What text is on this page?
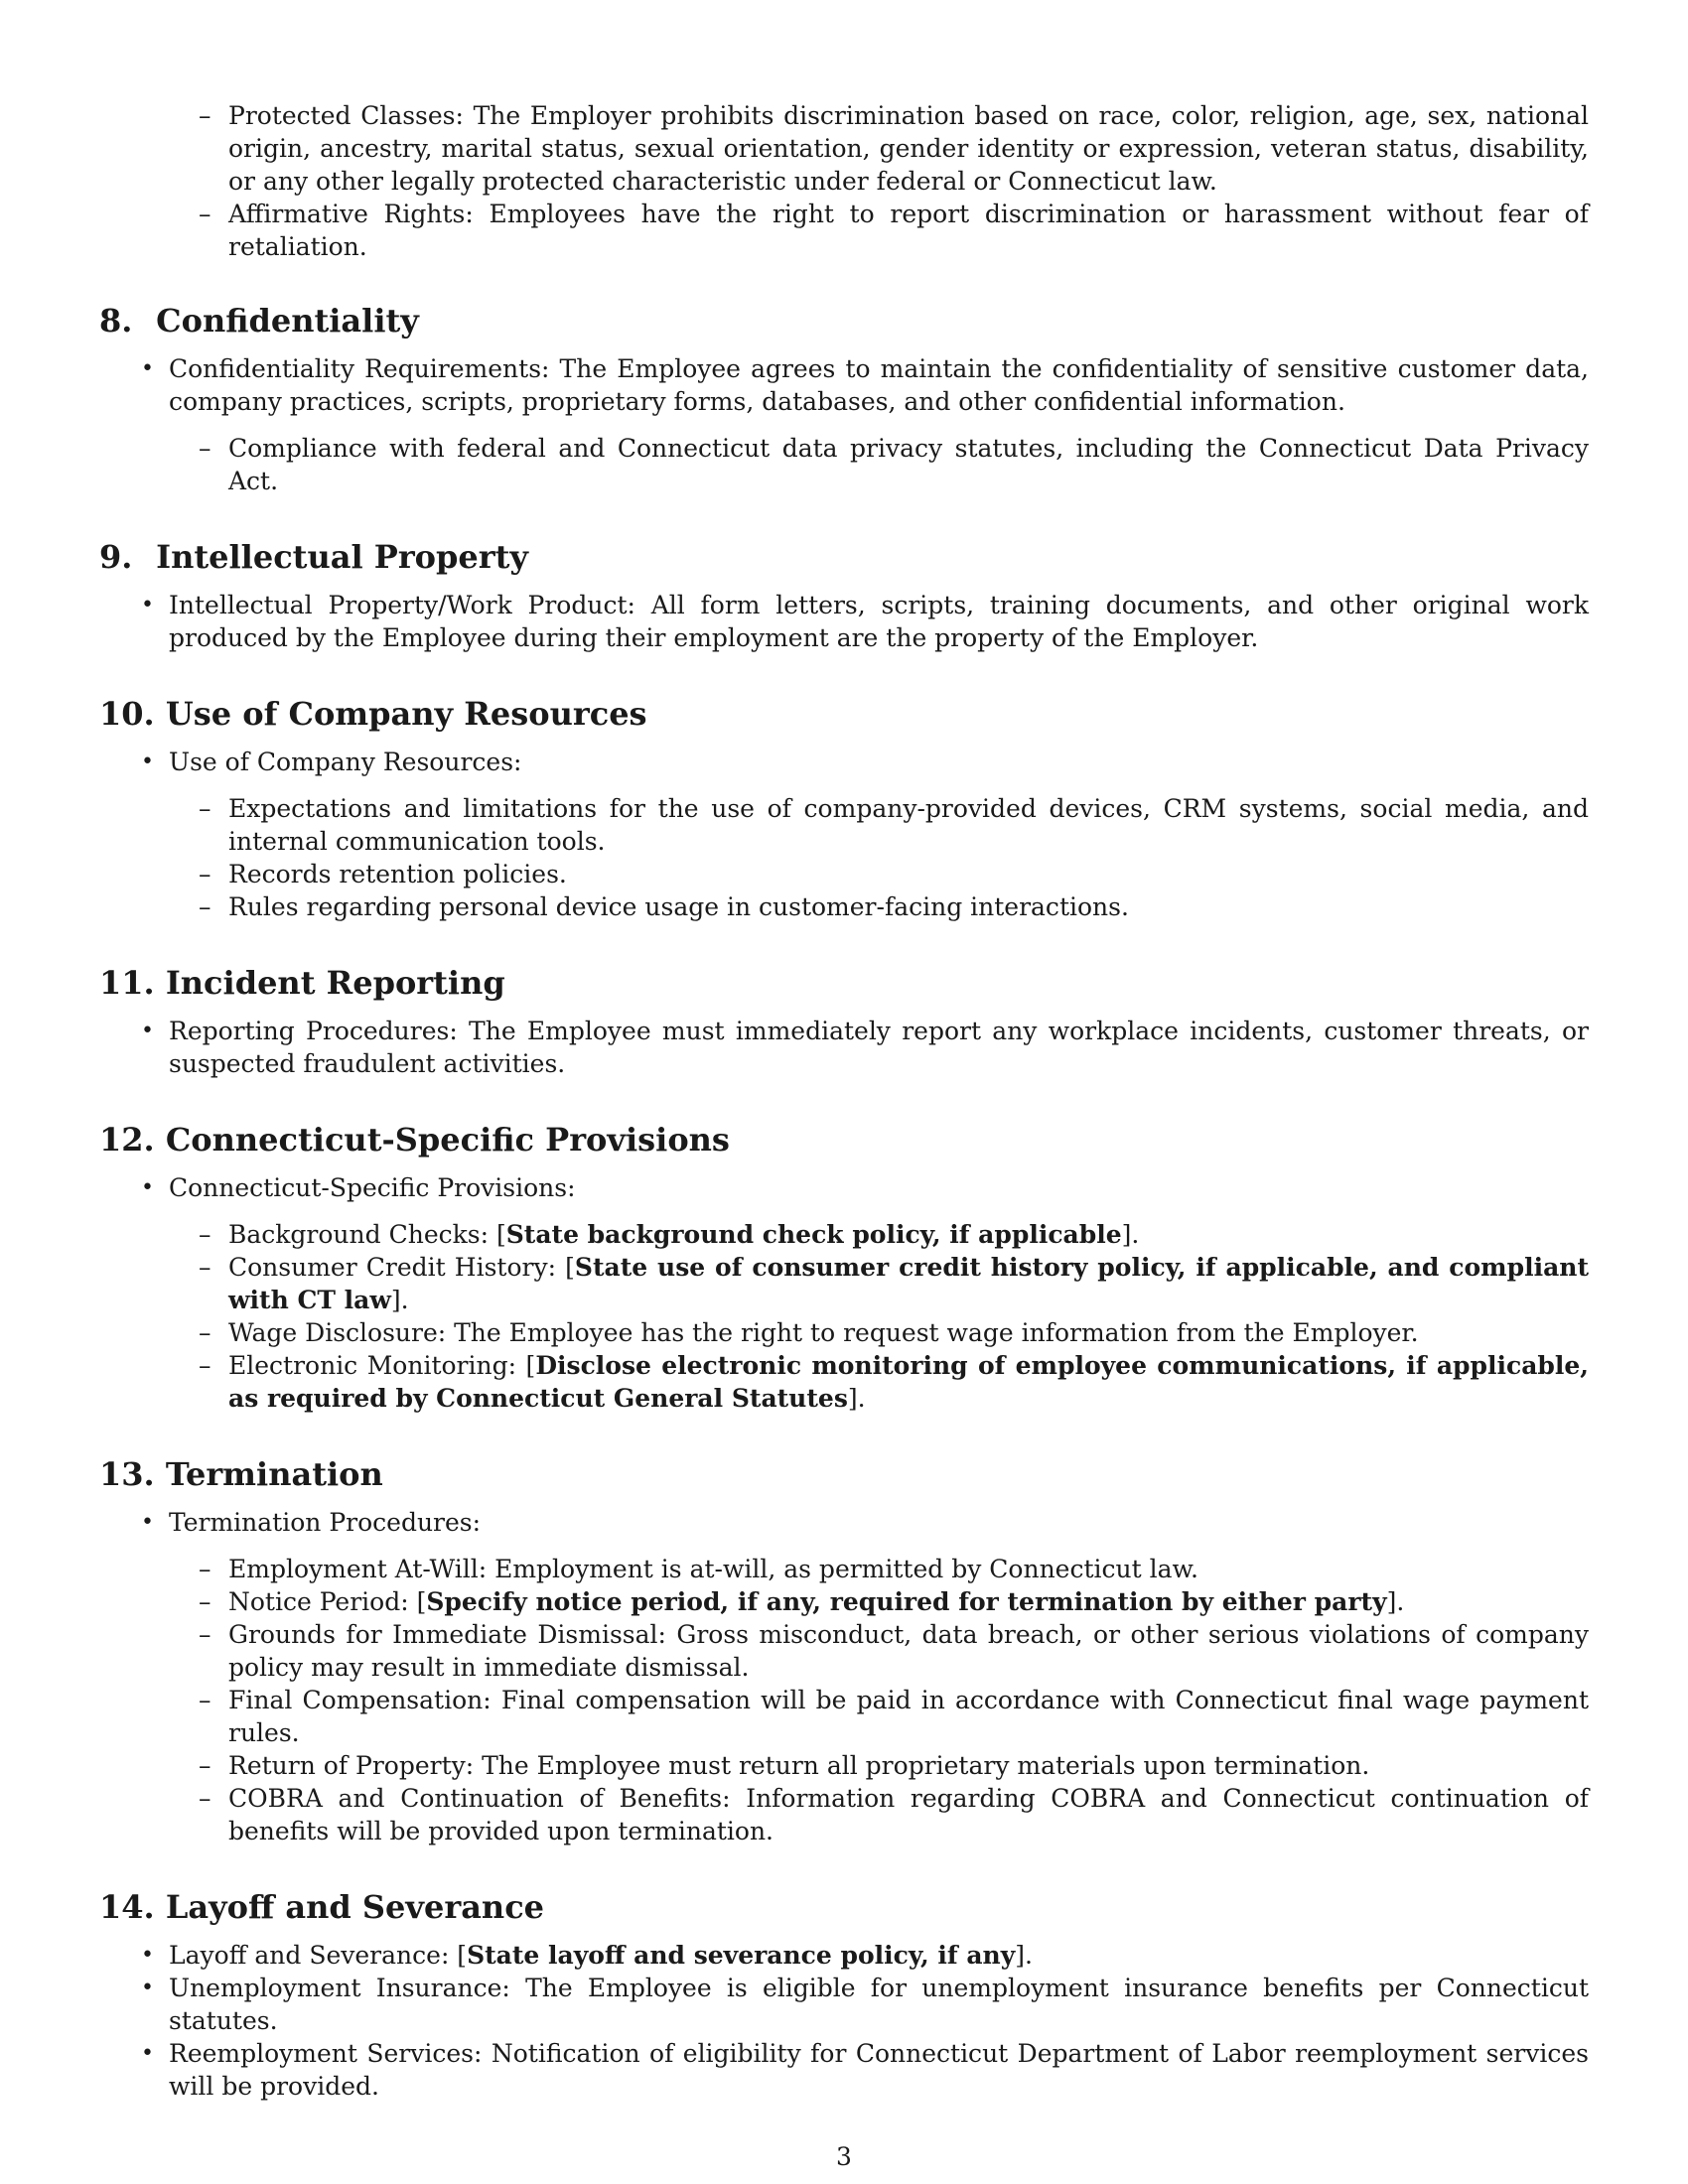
– Protected Classes: The Employer prohibits discrimination based on race, color, religion, age, sex, national origin, ancestry, marital status, sexual orientation, gender identity or expression, veteran status, disability, or any other legally protected characteristic under federal or Connecticut law.
– Affirmative Rights: Employees have the right to report discrimination or harassment without fear of retaliation.
8. Confidentiality
• Confidentiality Requirements: The Employee agrees to maintain the confidentiality of sensitive customer data, company practices, scripts, proprietary forms, databases, and other confidential information.
– Compliance with federal and Connecticut data privacy statutes, including the Connecticut Data Privacy Act.
9. Intellectual Property
• Intellectual Property/Work Product: All form letters, scripts, training documents, and other original work produced by the Employee during their employment are the property of the Employer.
10. Use of Company Resources
• Use of Company Resources:
– Expectations and limitations for the use of company-provided devices, CRM systems, social media, and internal communication tools.
– Records retention policies.
– Rules regarding personal device usage in customer-facing interactions.
11. Incident Reporting
• Reporting Procedures: The Employee must immediately report any workplace incidents, customer threats, or suspected fraudulent activities.
12. Connecticut-Specific Provisions
• Connecticut-Specific Provisions:
– Background Checks: [State background check policy, if applicable].
– Consumer Credit History: [State use of consumer credit history policy, if applicable, and compliant with CT law].
– Wage Disclosure: The Employee has the right to request wage information from the Employer.
– Electronic Monitoring: [Disclose electronic monitoring of employee communications, if applicable, as required by Connecticut General Statutes].
13. Termination
• Termination Procedures:
– Employment At-Will: Employment is at-will, as permitted by Connecticut law.
– Notice Period: [Specify notice period, if any, required for termination by either party].
– Grounds for Immediate Dismissal: Gross misconduct, data breach, or other serious violations of company policy may result in immediate dismissal.
– Final Compensation: Final compensation will be paid in accordance with Connecticut final wage payment rules.
– Return of Property: The Employee must return all proprietary materials upon termination.
– COBRA and Continuation of Benefits: Information regarding COBRA and Connecticut continuation of benefits will be provided upon termination.
14. Layoff and Severance
• Layoff and Severance: [State layoff and severance policy, if any].
• Unemployment Insurance: The Employee is eligible for unemployment insurance benefits per Connecticut statutes.
• Reemployment Services: Notification of eligibility for Connecticut Department of Labor reemployment services will be provided.
3
